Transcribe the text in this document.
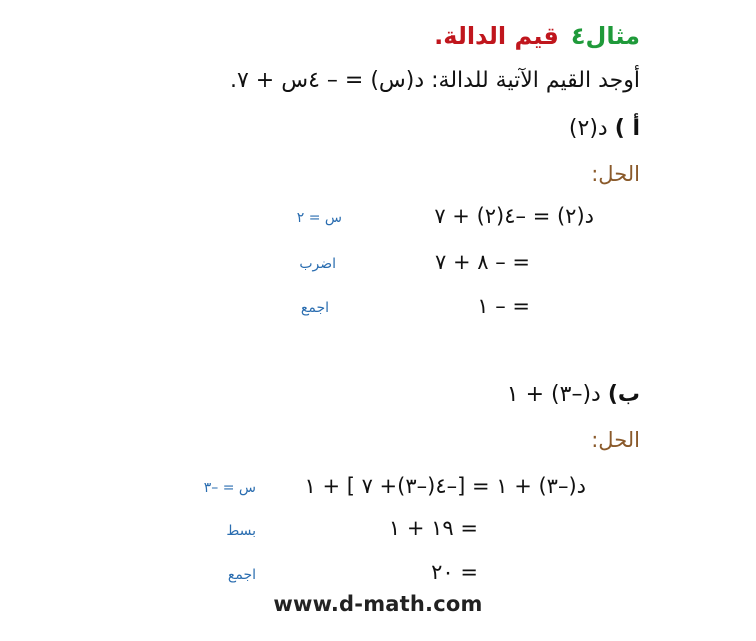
مثال٤قيم الدالة.
أوجد القيم الآتية للدالة: د(س) = – ٤س + ٧.
أ ) د(٢)
الحل:
د(٢) = –٤(٢) + ٧
س = ٢
= – ٨ + ٧
اضرب
= – ١
اجمع
ب) د(–٣) + ١
الحل:
د(–٣) + ١ = [–٤(–٣)+ ٧ ] + ١
س = –٣
= ١٩ + ١
بسط
= ٢٠
اجمع
www.d-math.com
